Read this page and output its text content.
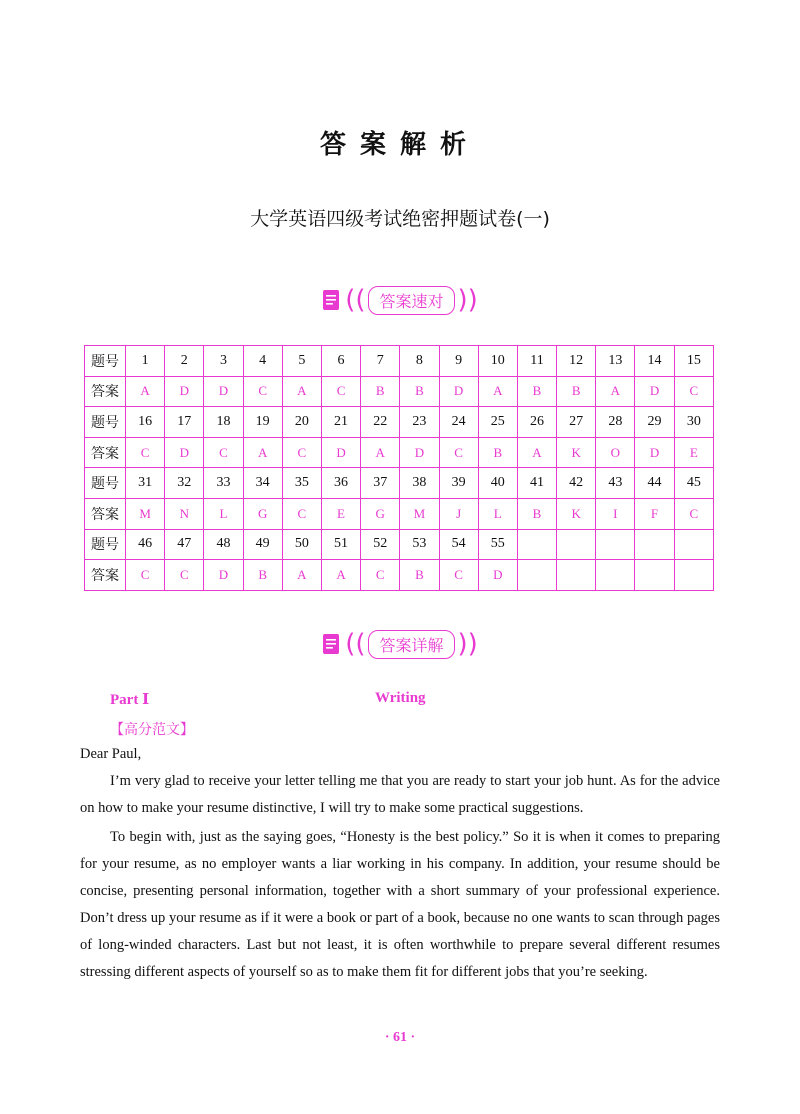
答案解析
大学英语四级考试绝密押题试卷(一)
(( 答案速对 ))
题号	1	2	3	4	5	6	7	8	9	10	11	12	13	14	15
答案	A	D	D	C	A	C	B	B	D	A	B	B	A	D	C
题号	16	17	18	19	20	21	22	23	24	25	26	27	28	29	30
答案	C	D	C	A	C	D	A	D	C	B	A	K	O	D	E
题号	31	32	33	34	35	36	37	38	39	40	41	42	43	44	45
答案	M	N	L	G	C	E	G	M	J	L	B	K	I	F	C
题号	46	47	48	49	50	51	52	53	54	55					
答案	C	C	D	B	A	A	C	B	C	D					
(( 答案详解 ))
Part Ⅰ	Writing
【高分范文】
Dear Paul,
I’m very glad to receive your letter telling me that you are ready to start your job hunt. As for the advice on how to make your resume distinctive, I will try to make some practical suggestions.
To begin with, just as the saying goes, “Honesty is the best policy.” So it is when it comes to preparing for your resume, as no employer wants a liar working in his company. In addition, your resume should be concise, presenting personal information, together with a short summary of your professional experience. Don’t dress up your resume as if it were a book or part of a book, because no one wants to scan through pages of long-winded characters. Last but not least, it is often worthwhile to prepare several different resumes stressing different aspects of yourself so as to make them fit for different jobs that you’re seeking.
· 61 ·
